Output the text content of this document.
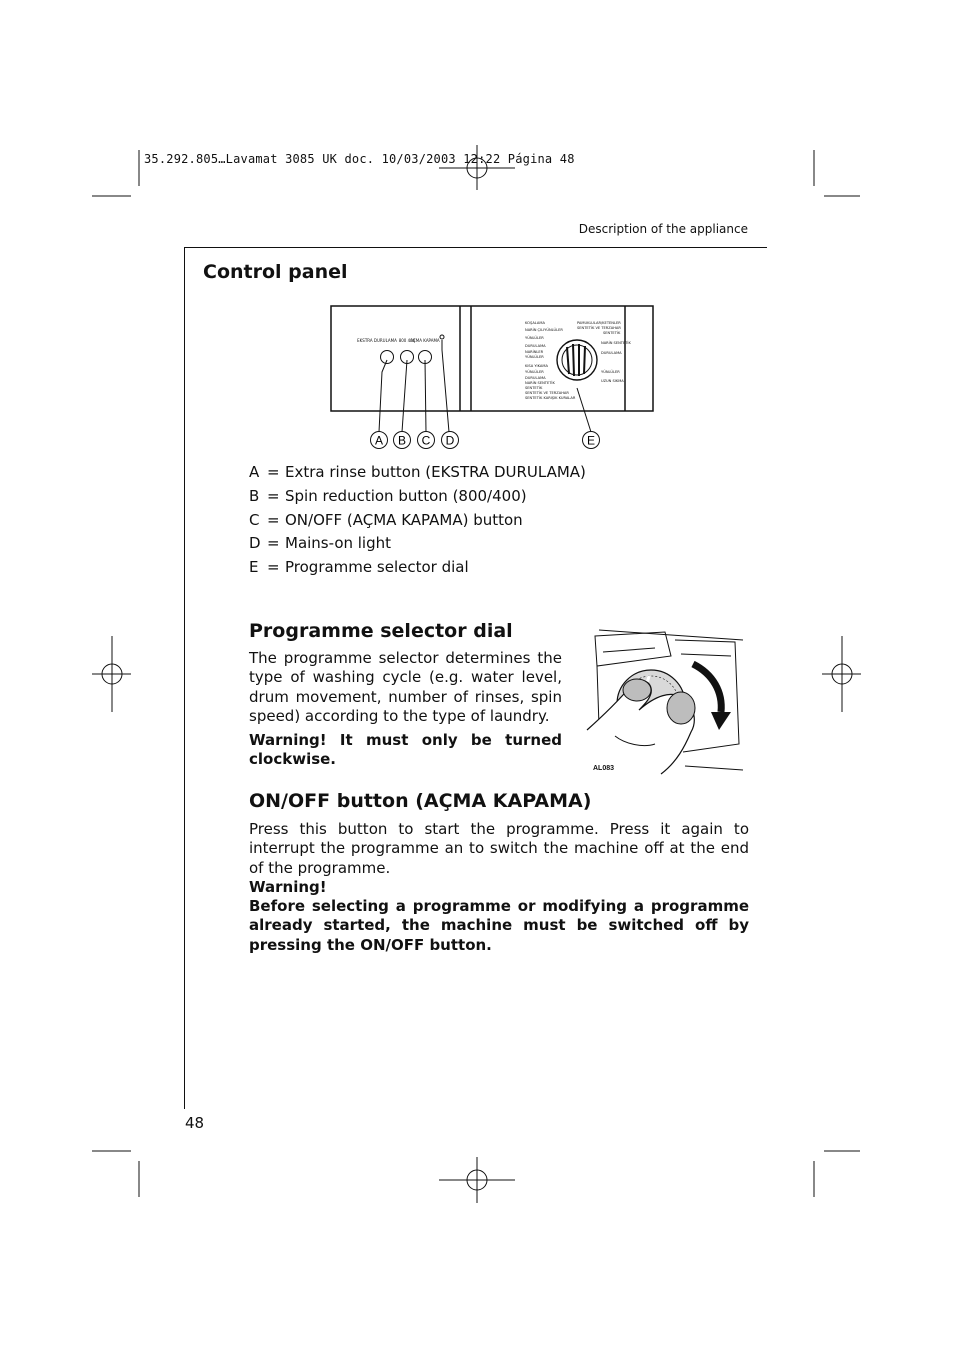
35.292.805…Lavamat 3085 UK doc. 10/03/2003 12:22 Página 48
Description of the appliance
Control panel
EKSTRA DURULAMA 800 400
AÇMA KAPAMA
KOŞALAMA
NARİN ÇILIYÜNLÜLER
YÜNLÜLER
DURULAMA
NARİNLER
YÜNLÜLER
KISA YIKAMA
YÜNLÜLER
DURULAMA
NARİN SENTETİK
SENTETİK
SENTETİK VE TERZAHAR
SENTETİK KARIŞIK KURALAR
PAMUKLULAR/KETENLER
SENTETİK VE TERZAHAR
SENTETİK
NARİN SENTETİK
DURULAMA
YÜNLÜLER
UZUN SIKMA
A B C D	E
A = Extra rinse button (EKSTRA DURULAMA)
B = Spin reduction button (800/400)
C = ON/OFF (AÇMA KAPAMA) button
D = Mains-on light
E = Programme selector dial
Programme selector dial

The programme selector determines the type of washing cycle (e.g. water level, drum movement, number of rinses, spin speed) according to the type of laundry.

Warning! It must only be turned clockwise.

AL083
ON/OFF button (AÇMA KAPAMA)

Press this button to start the programme. Press it again to interrupt the programme an to switch the machine off at the end of the programme.

Warning!

Before selecting a programme or modifying a programme already started, the machine must be switched off by pressing the ON/OFF button.

48
